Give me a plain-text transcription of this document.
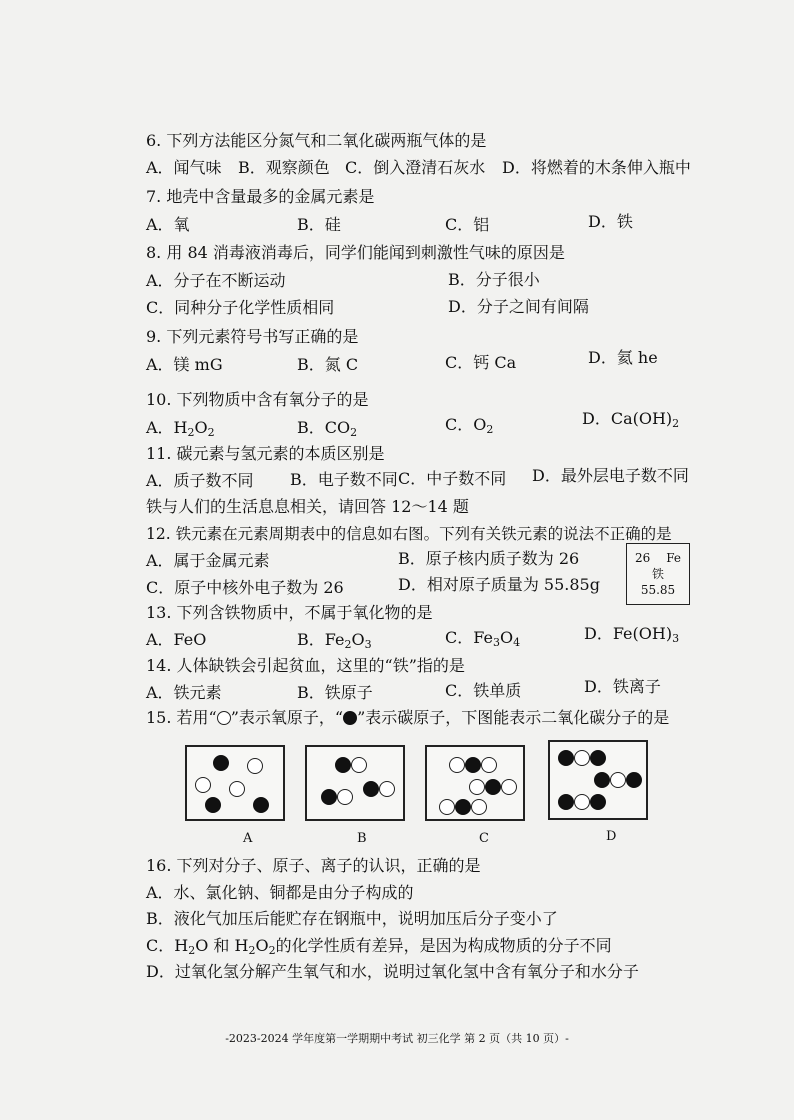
6. 下列方法能区分氮气和二氧化碳两瓶气体的是
A．闻气味 B．观察颜色 C．倒入澄清石灰水 D．将燃着的木条伸入瓶中
7. 地壳中含量最多的金属元素是
A．氧	B．硅	C．铝	D．铁
8. 用 84 消毒液消毒后，同学们能闻到刺激性气味的原因是
A．分子在不断运动	B．分子很小
C．同种分子化学性质相同	D．分子之间有间隔
9. 下列元素符号书写正确的是
A．镁 mG	B．氮 C	C．钙 Ca	D．氦 he
10. 下列物质中含有氧分子的是
A．$H_2O_2$	B．$CO_2$	C．$O_2$
D．$Ca(OH)_2$
11. 碳元素与氢元素的本质区别是
A．质子数不同 B．电子数不同 C．中子数不同 D．最外层电子数不同
铁与人们的生活息息相关，请回答 12～14 题
12. 铁元素在元素周期表中的信息如右图。下列有关铁元素的说法不正确的是
A．属于金属元素	B．原子核内质子数为 26
C．原子中核外电子数为 26	D．相对原子质量为 55.85g
26 Fe
铁
55.85
13. 下列含铁物质中，不属于氧化物的是
A．FeO	B．$Fe_2O_3$	C．$Fe_3O_4$	D．$Fe(OH)_3$
14. 人体缺铁会引起贫血，这里的“铁”指的是
A．铁元素	B．铁原子	C．铁单质	D．铁离子
15. 若用“ ”表示氧原子，“ ”表示碳原子，下图能表示二氧化碳分子的是
A	B	C	D
16. 下列对分子、原子、离子的认识，正确的是
A．水、氯化钠、铜都是由分子构成的
B．液化气加压后能贮存在钢瓶中，说明加压后分子变小了
C．$H_2O$ 和 $H_2O_2$的化学性质有差异，是因为构成物质的分子不同
D．过氧化氢分解产生氧气和水，说明过氧化氢中含有氧分子和水分子
-2023-2024 学年度第一学期期中考试 初三化学 第 2 页（共 10 页）-
